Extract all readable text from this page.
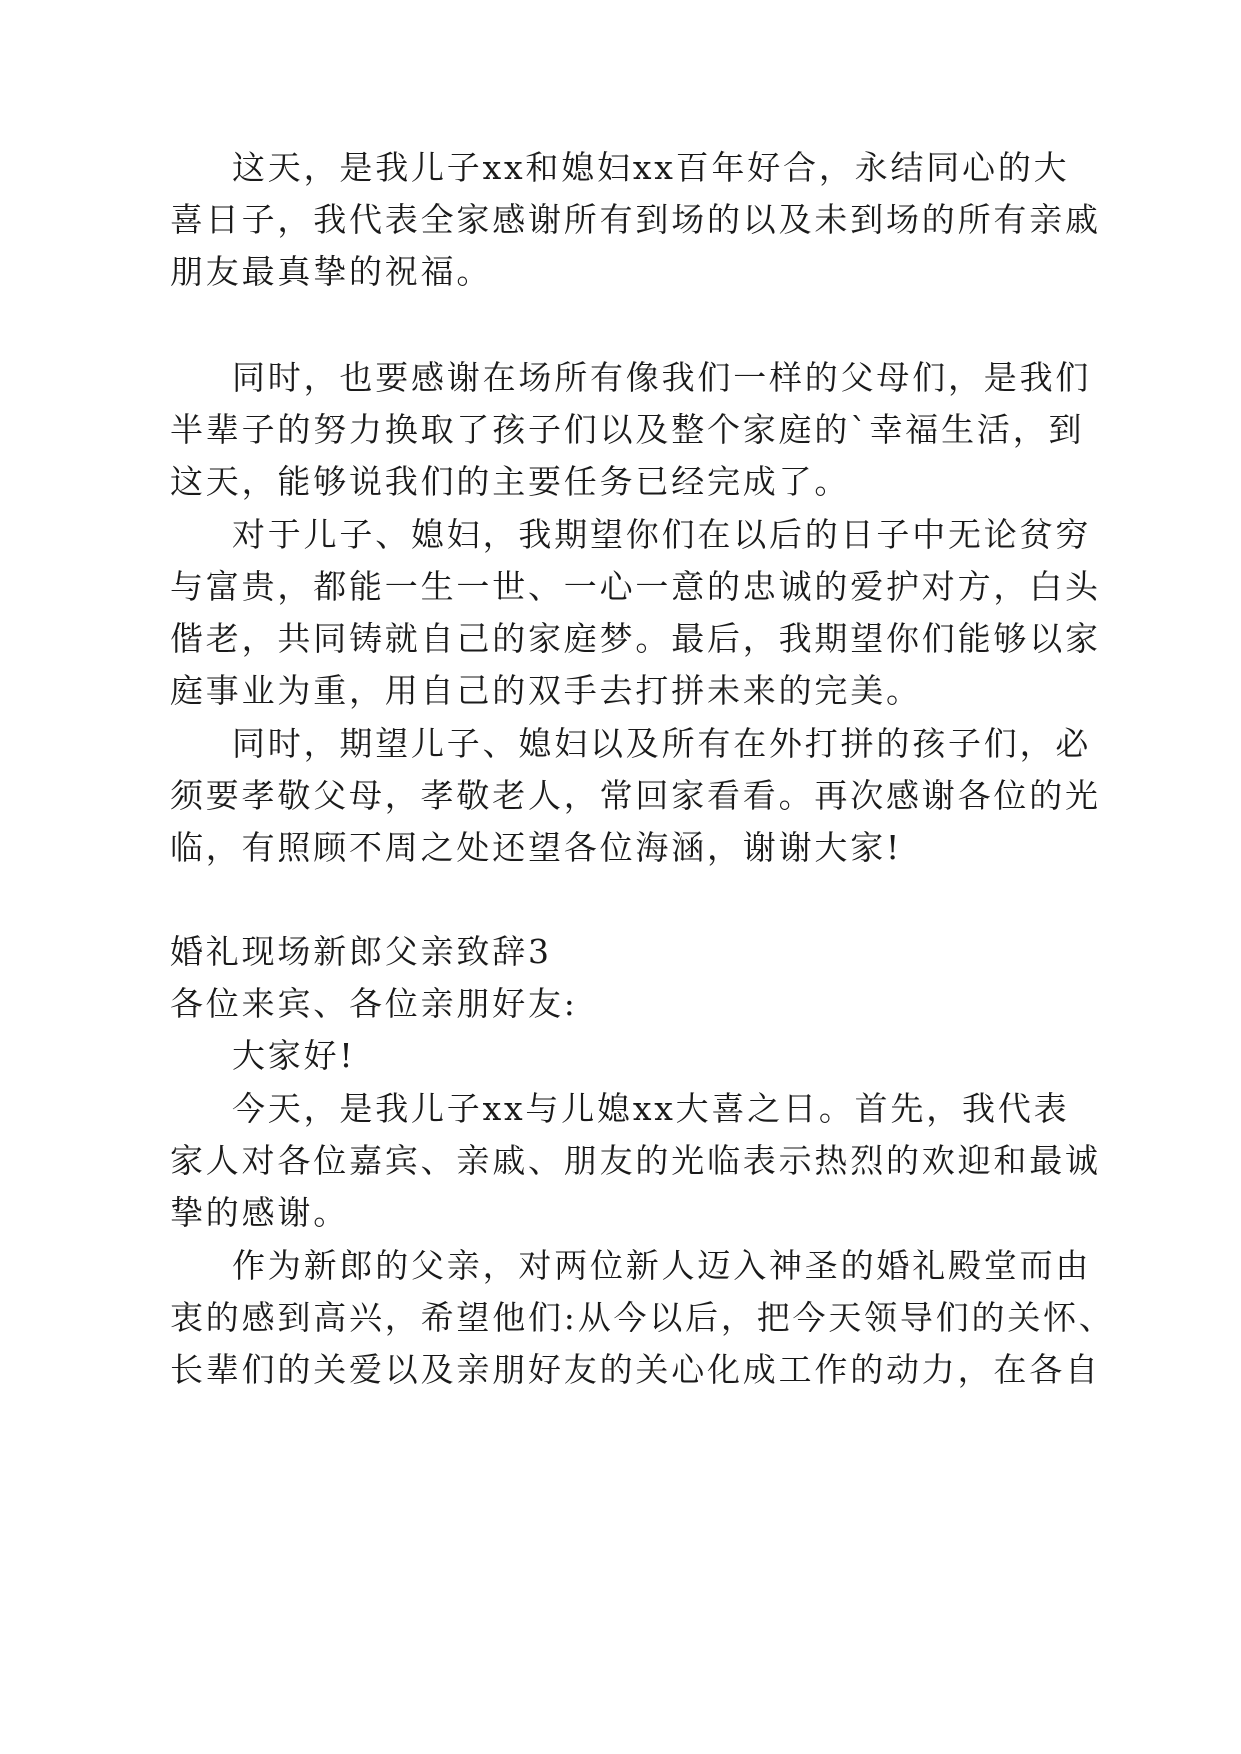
这天，是我儿子xx和媳妇xx百年好合，永结同心的大

喜日子，我代表全家感谢所有到场的以及未到场的所有亲戚

朋友最真挚的祝福。

同时，也要感谢在场所有像我们一样的父母们，是我们

半辈子的努力换取了孩子们以及整个家庭的`幸福生活，到

这天，能够说我们的主要任务已经完成了。

对于儿子、媳妇，我期望你们在以后的日子中无论贫穷

与富贵，都能一生一世、一心一意的忠诚的爱护对方，白头

偕老，共同铸就自己的家庭梦。最后，我期望你们能够以家

庭事业为重，用自己的双手去打拼未来的完美。

同时，期望儿子、媳妇以及所有在外打拼的孩子们，必

须要孝敬父母，孝敬老人，常回家看看。再次感谢各位的光

临，有照顾不周之处还望各位海涵，谢谢大家!

婚礼现场新郎父亲致辞3

各位来宾、各位亲朋好友:

大家好!

今天，是我儿子xx与儿媳xx大喜之日。首先，我代表

家人对各位嘉宾、亲戚、朋友的光临表示热烈的欢迎和最诚

挚的感谢。

作为新郎的父亲，对两位新人迈入神圣的婚礼殿堂而由

衷的感到高兴，希望他们:从今以后，把今天领导们的关怀、

长辈们的关爱以及亲朋好友的关心化成工作的动力，在各自
